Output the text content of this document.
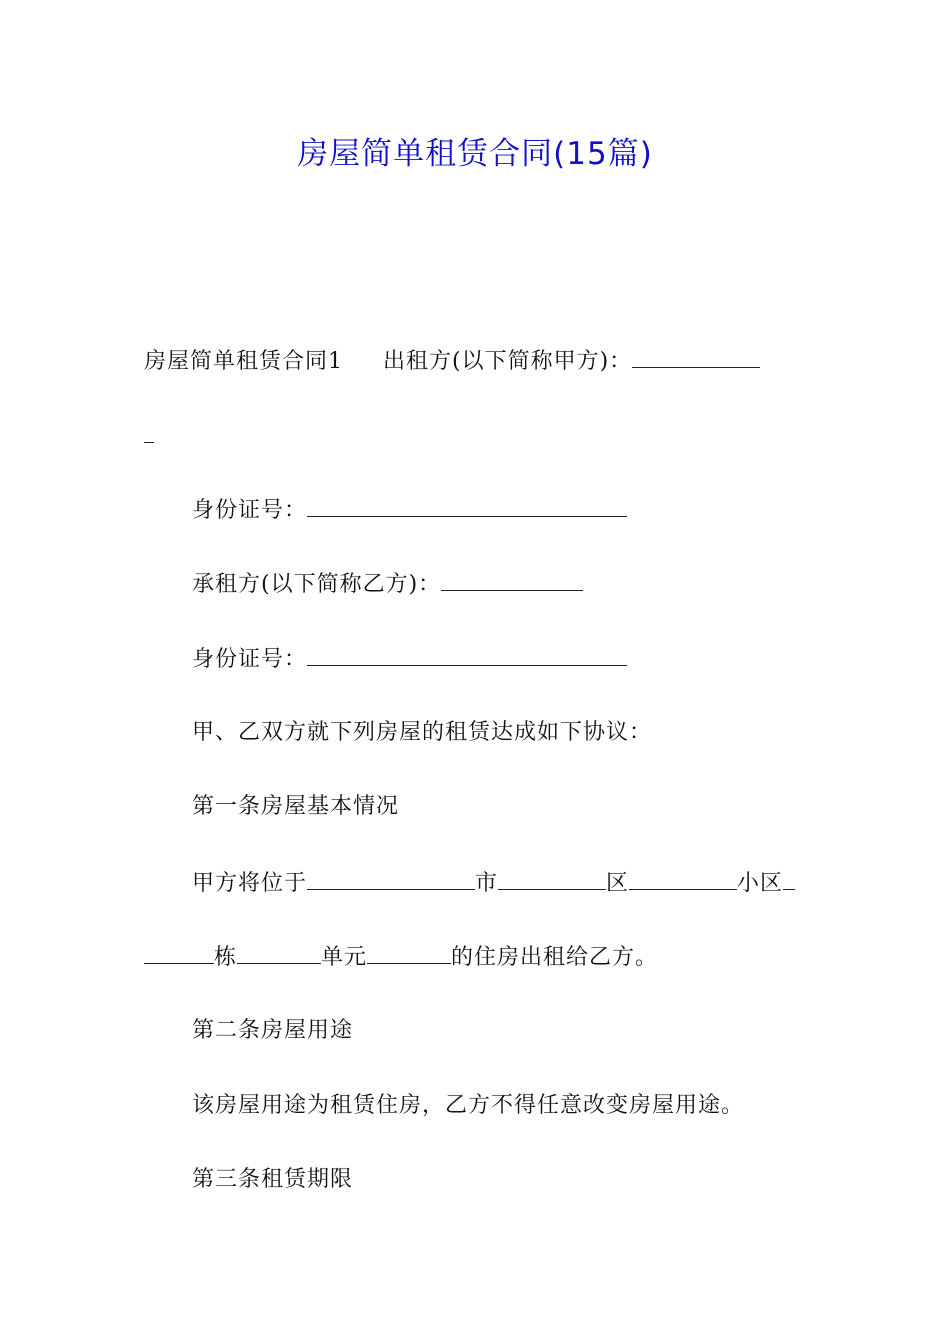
房屋简单租赁合同(15篇)
房屋简单租赁合同1 出租方(以下简称甲方)：
身份证号：
承租方(以下简称乙方)：
身份证号：
甲、乙双方就下列房屋的租赁达成如下协议：
第一条房屋基本情况
甲方将位于	市	区	小区
栋	单元	的住房出租给乙方。
第二条房屋用途
该房屋用途为租赁住房，乙方不得任意改变房屋用途。
第三条租赁期限
